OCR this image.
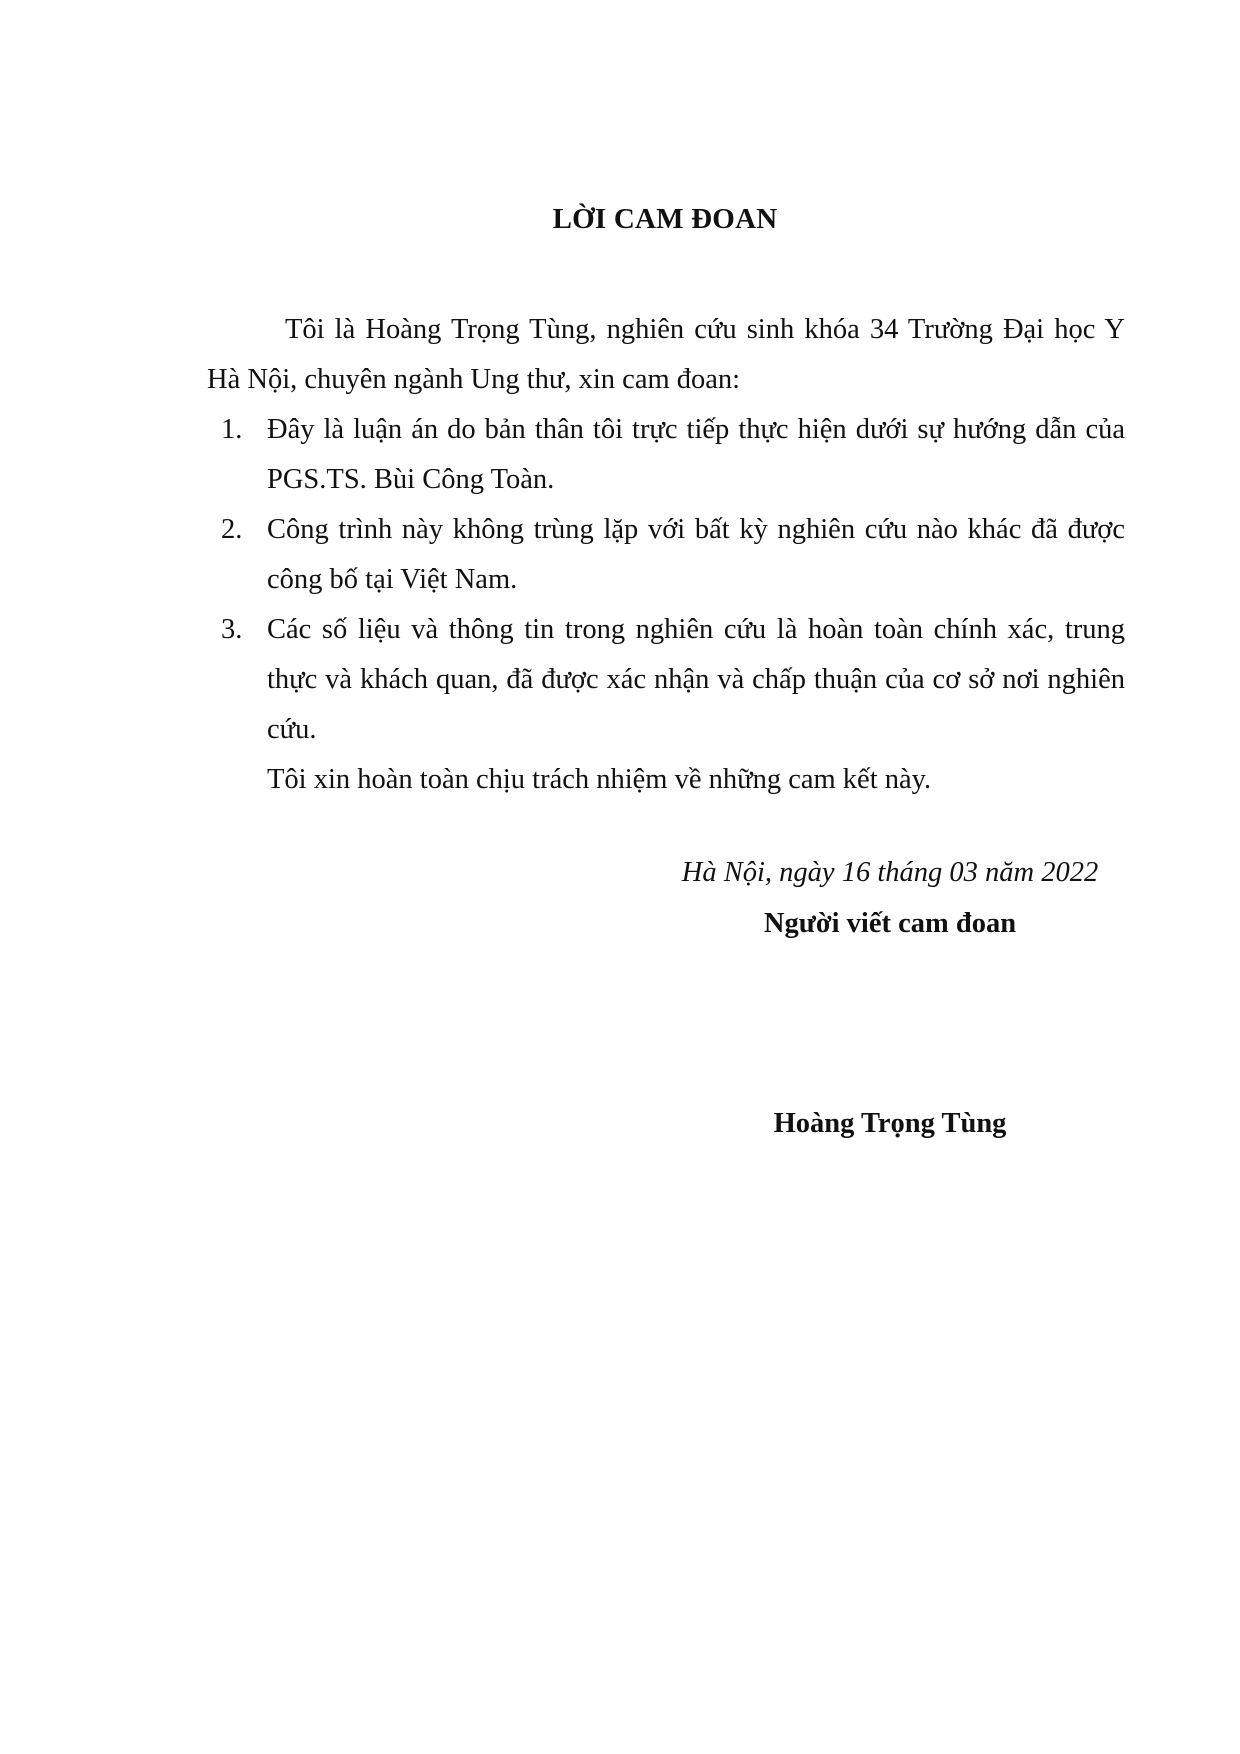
LỜI CAM ĐOAN
Tôi là Hoàng Trọng Tùng, nghiên cứu sinh khóa 34 Trường Đại học Y Hà Nội, chuyên ngành Ung thư, xin cam đoan:
1. Đây là luận án do bản thân tôi trực tiếp thực hiện dưới sự hướng dẫn của PGS.TS. Bùi Công Toàn.
2. Công trình này không trùng lặp với bất kỳ nghiên cứu nào khác đã được công bố tại Việt Nam.
3. Các số liệu và thông tin trong nghiên cứu là hoàn toàn chính xác, trung thực và khách quan, đã được xác nhận và chấp thuận của cơ sở nơi nghiên cứu.
Tôi xin hoàn toàn chịu trách nhiệm về những cam kết này.
Hà Nội, ngày 16 tháng 03 năm 2022
Người viết cam đoan
Hoàng Trọng Tùng
